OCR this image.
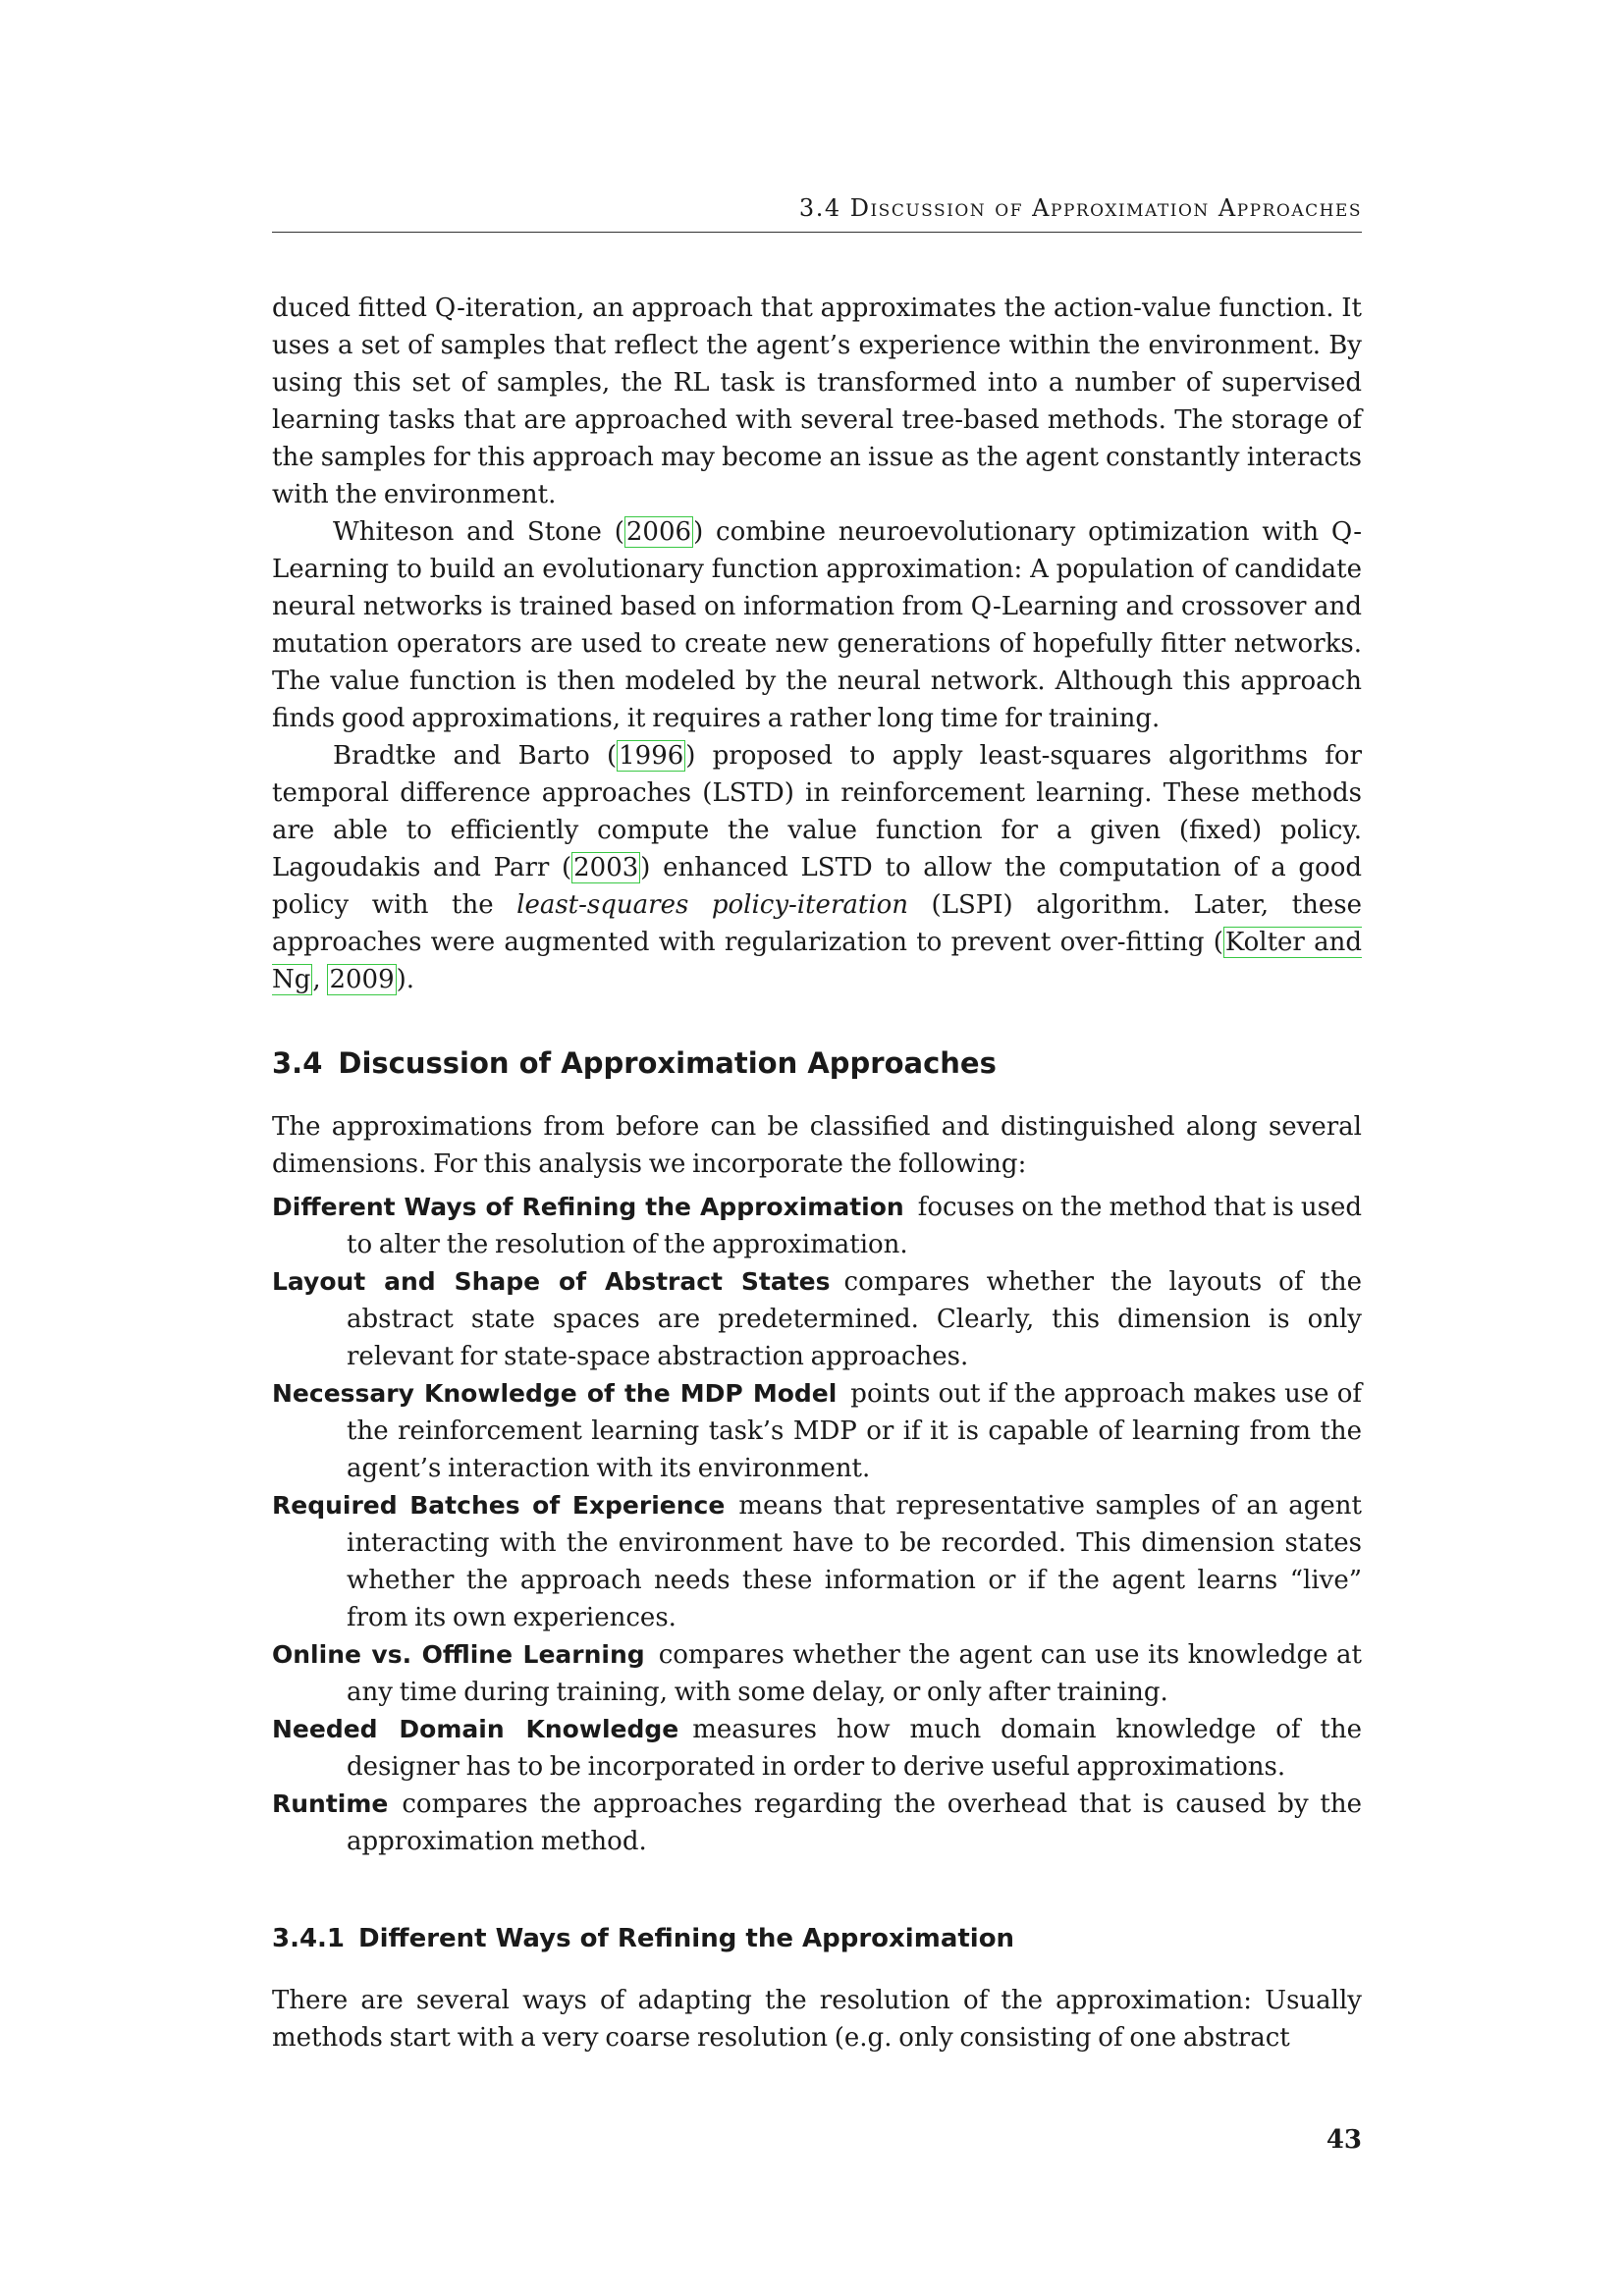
3.4 Discussion of Approximation Approaches

duced fitted Q-iteration, an approach that approximates the action-value function. It uses a set of samples that reflect the agent’s experience within the environment. By using this set of samples, the RL task is transformed into a number of supervised learning tasks that are approached with several tree-based methods. The storage of the samples for this approach may become an issue as the agent constantly interacts with the environment.

Whiteson and Stone (2006) combine neuroevolutionary optimization with Q-Learning to build an evolutionary function approximation: A population of candidate neural networks is trained based on information from Q-Learning and crossover and mutation operators are used to create new generations of hopefully fitter networks. The value function is then modeled by the neural network. Although this approach finds good approximations, it requires a rather long time for training.

Bradtke and Barto (1996) proposed to apply least-squares algorithms for temporal difference approaches (LSTD) in reinforcement learning. These methods are able to efficiently compute the value function for a given (fixed) policy. Lagoudakis and Parr (2003) enhanced LSTD to allow the computation of a good policy with the least-squares policy-iteration (LSPI) algorithm. Later, these approaches were augmented with regularization to prevent over-fitting (Kolter and Ng, 2009).

3.4 Discussion of Approximation Approaches

The approximations from before can be classified and distinguished along several dimensions. For this analysis we incorporate the following:

Different Ways of Refining the Approximation focuses on the method that is used to alter the resolution of the approximation.
Layout and Shape of Abstract States compares whether the layouts of the abstract state spaces are predetermined. Clearly, this dimension is only relevant for state-space abstraction approaches.
Necessary Knowledge of the MDP Model points out if the approach makes use of the reinforcement learning task’s MDP or if it is capable of learning from the agent’s interaction with its environment.
Required Batches of Experience means that representative samples of an agent interacting with the environment have to be recorded. This dimension states whether the approach needs these information or if the agent learns “live” from its own experiences.
Online vs. Offline Learning compares whether the agent can use its knowledge at any time during training, with some delay, or only after training.
Needed Domain Knowledge measures how much domain knowledge of the designer has to be incorporated in order to derive useful approximations.
Runtime compares the approaches regarding the overhead that is caused by the approximation method.
3.4.1 Different Ways of Refining the Approximation

There are several ways of adapting the resolution of the approximation: Usually methods start with a very coarse resolution (e.g. only consisting of one abstract

43
